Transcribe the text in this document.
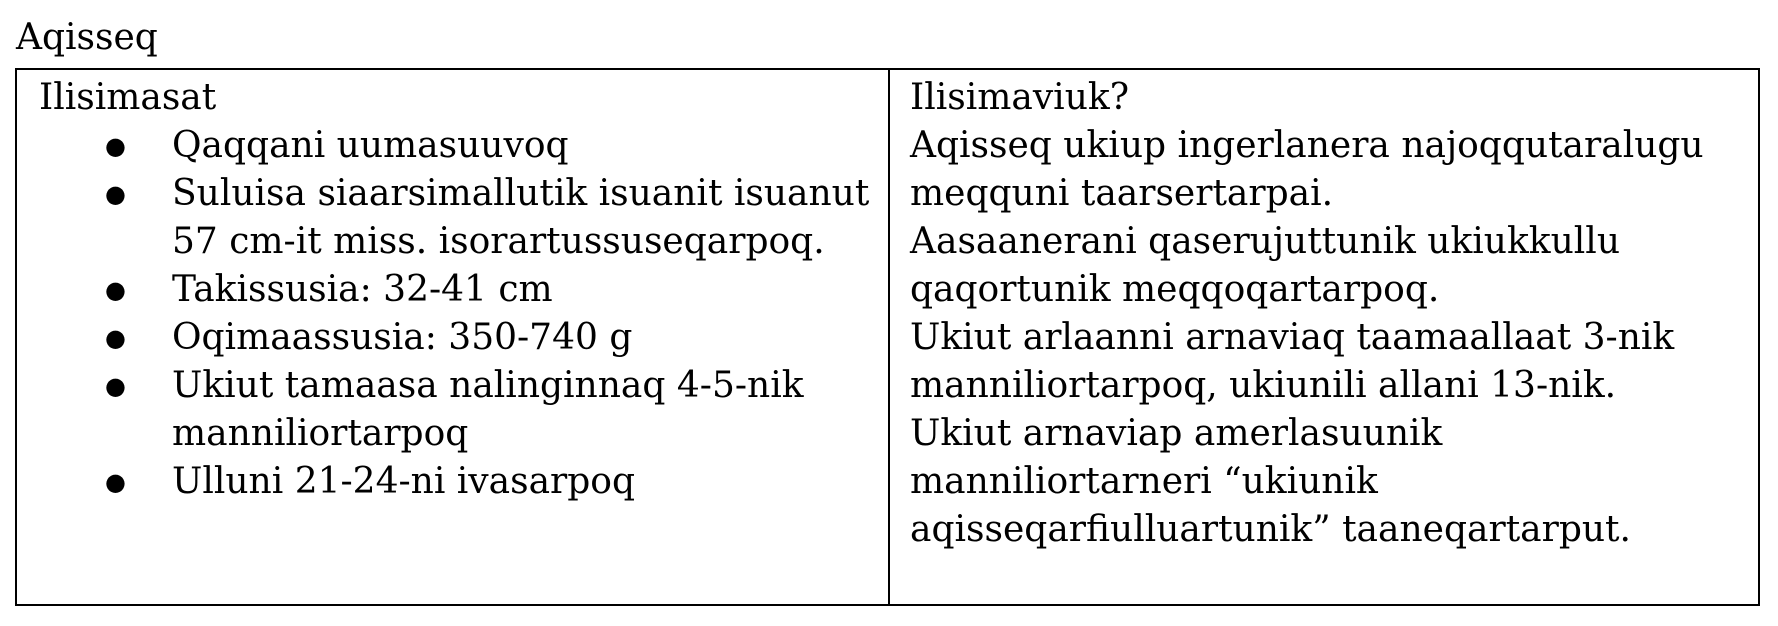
Aqisseq
Ilisimasat
● Qaqqani uumasuuvoq
● Suluisa siaarsimallutik isuanit isuanut 57 cm-it miss. isorartussuseqarpoq.
● Takissusia: 32-41 cm
● Oqimaassusia: 350-740 g
● Ukiut tamaasa nalinginnaq 4-5-nik manniliortarpoq
● Ulluni 21-24-ni ivasarpoq
Ilisimaviuk?

Aqisseq ukiup ingerlanera najoqqutaralugu meqquni taarsertarpai.

Aasaanerani qaserujuttunik ukiukkullu qaqortunik meqqoqartarpoq.

Ukiut arlaanni arnaviaq taamaallaat 3-nik manniliortarpoq, ukiunili allani 13-nik.

Ukiut arnaviap amerlasuunik manniliortarneri “ukiunik aqisseqarfiulluartunik” taaneqartarput.
